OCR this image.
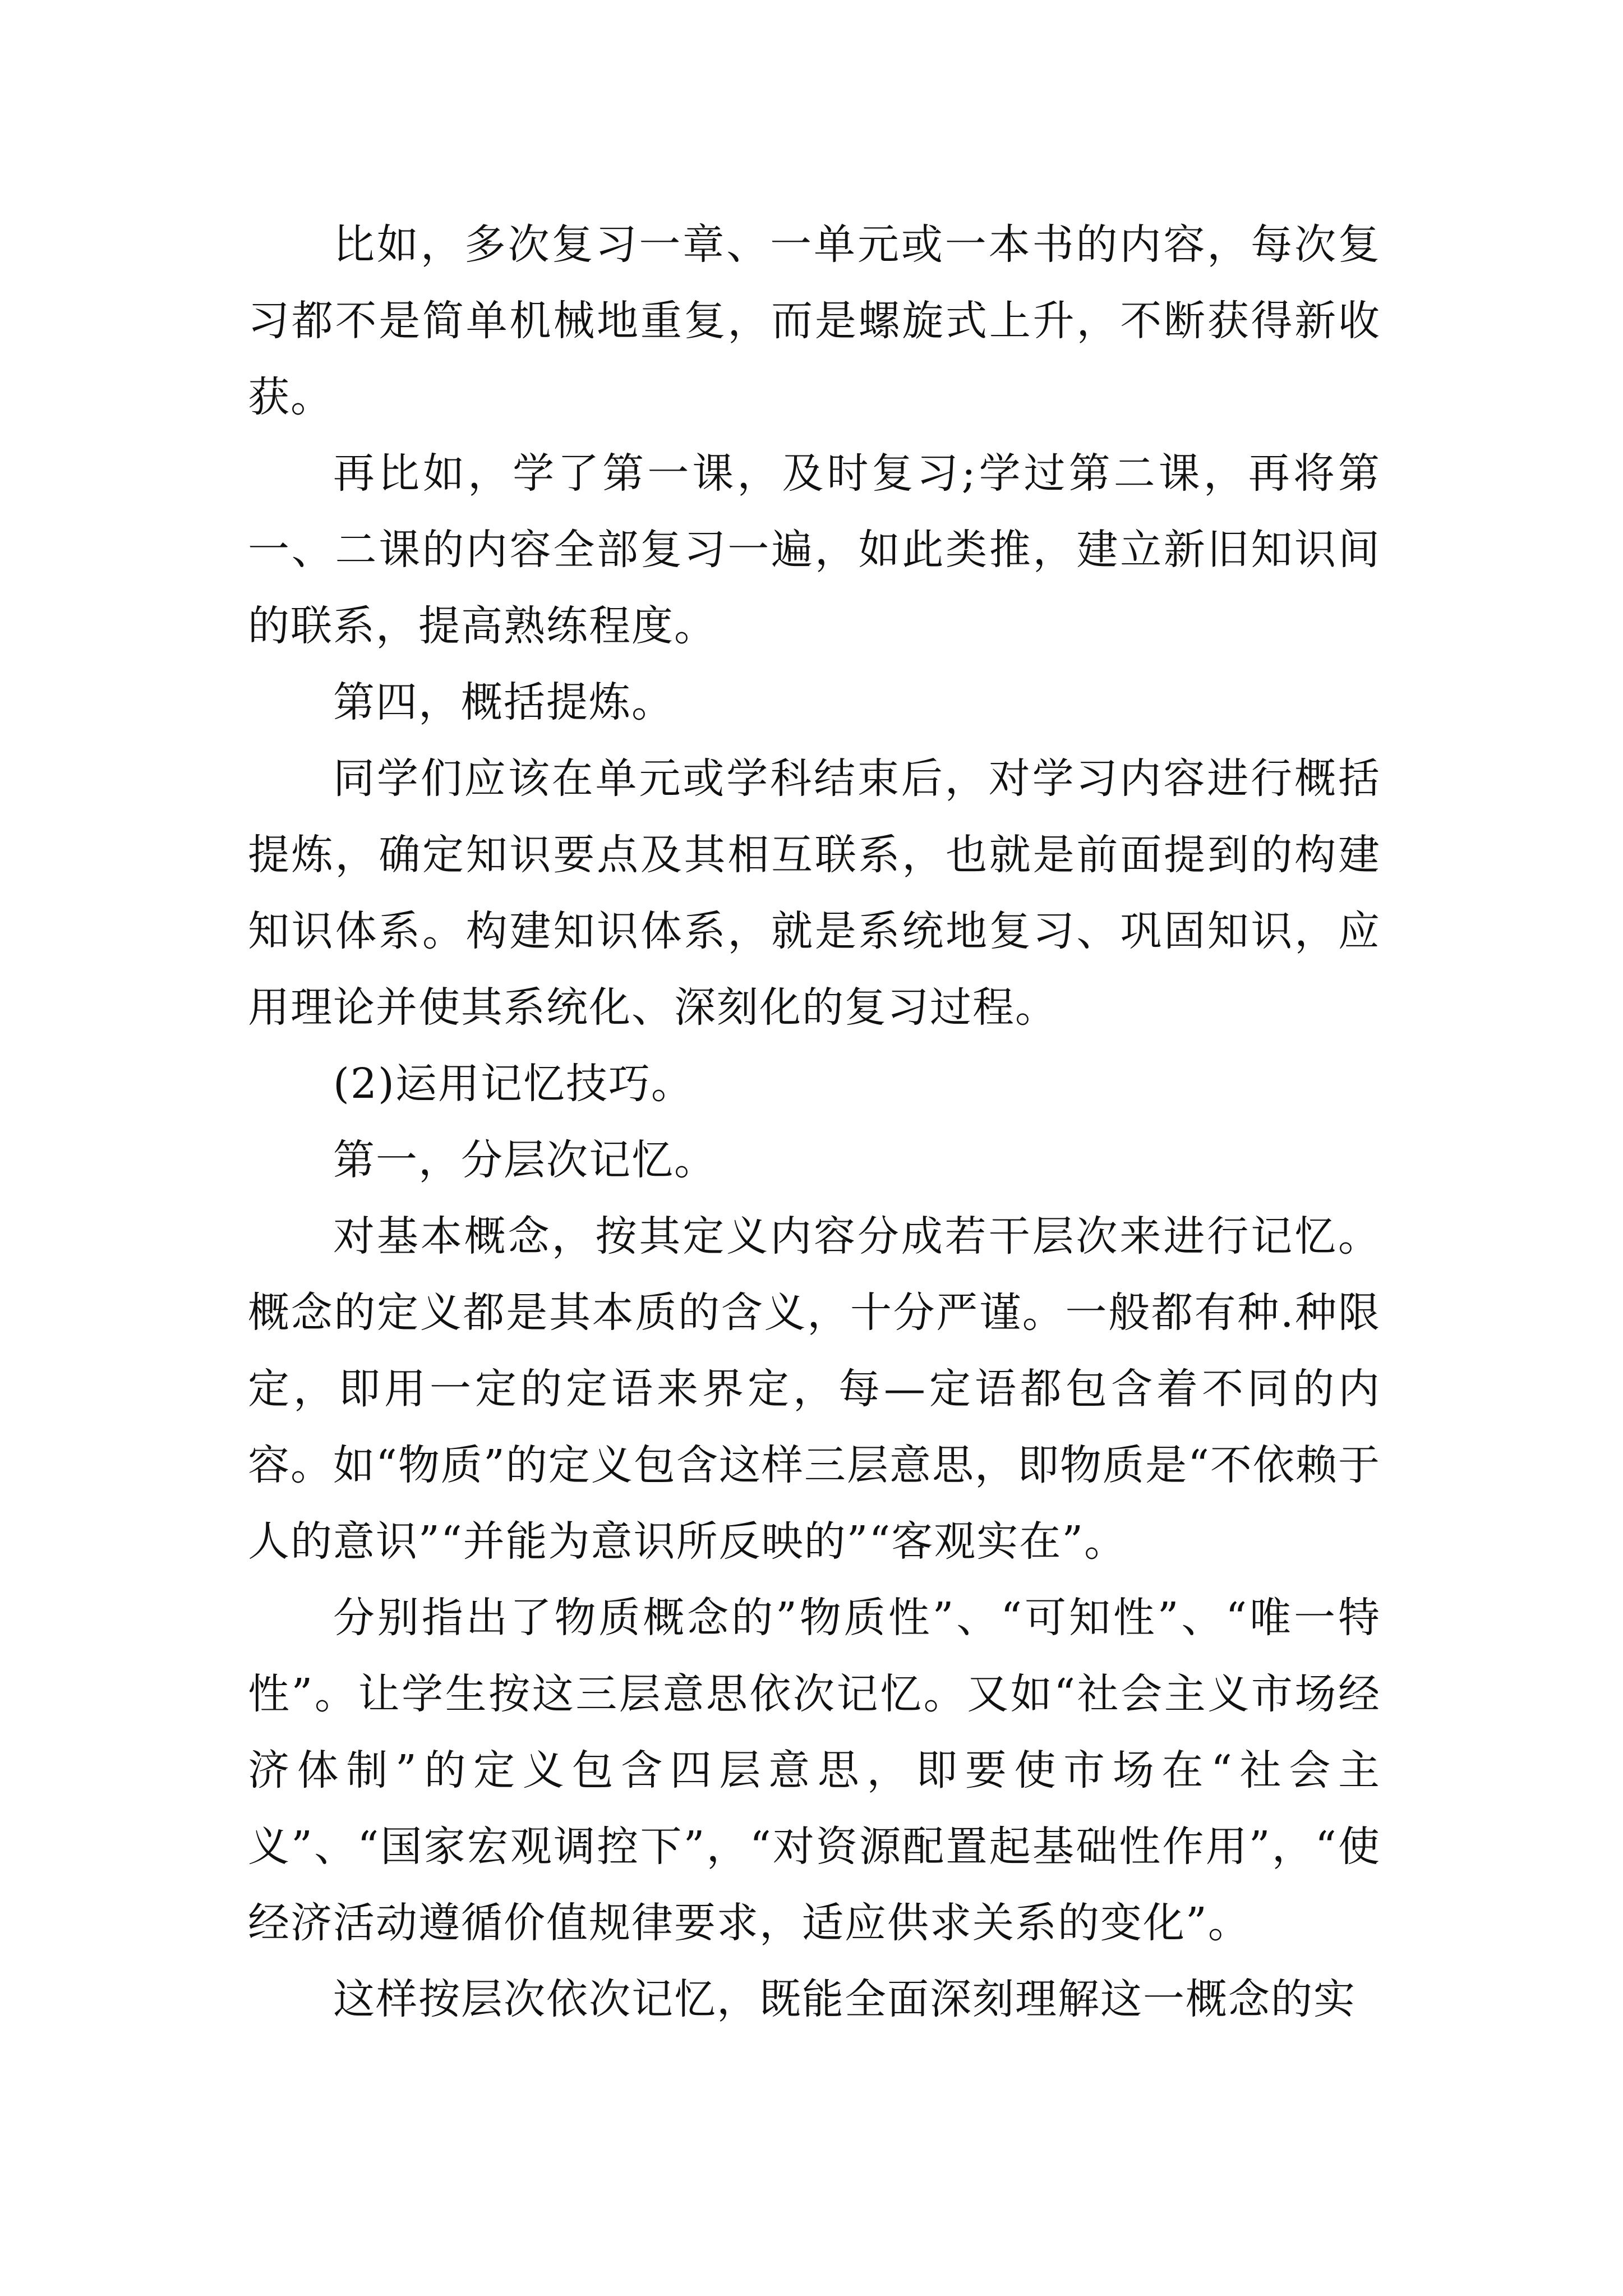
比如，多次复习一章、一单元或一本书的内容，每次复习都不是简单机械地重复，而是螺旋式上升，不断获得新收获。

再比如，学了第一课，及时复习;学过第二课，再将第一、二课的内容全部复习一遍，如此类推，建立新旧知识间的联系，提高熟练程度。

第四，概括提炼。

同学们应该在单元或学科结束后，对学习内容进行概括提炼，确定知识要点及其相互联系，也就是前面提到的构建知识体系。构建知识体系，就是系统地复习、巩固知识，应用理论并使其系统化、深刻化的复习过程。

(2)运用记忆技巧。

第一，分层次记忆。

对基本概念，按其定义内容分成若干层次来进行记忆。概念的定义都是其本质的含义，十分严谨。一般都有种.种限定，即用一定的定语来界定，每—定语都包含着不同的内容。如“物质”的定义包含这样三层意思，即物质是“不依赖于人的意识”“并能为意识所反映的”“客观实在”。

分别指出了物质概念的”物质性”、“可知性”、“唯一特性”。让学生按这三层意思依次记忆。又如“社会主义市场经济体制”的定义包含四层意思，即要使市场在“社会主义”、“国家宏观调控下”，“对资源配置起基础性作用”，“使经济活动遵循价值规律要求，适应供求关系的变化”。

这样按层次依次记忆，既能全面深刻理解这一概念的实
